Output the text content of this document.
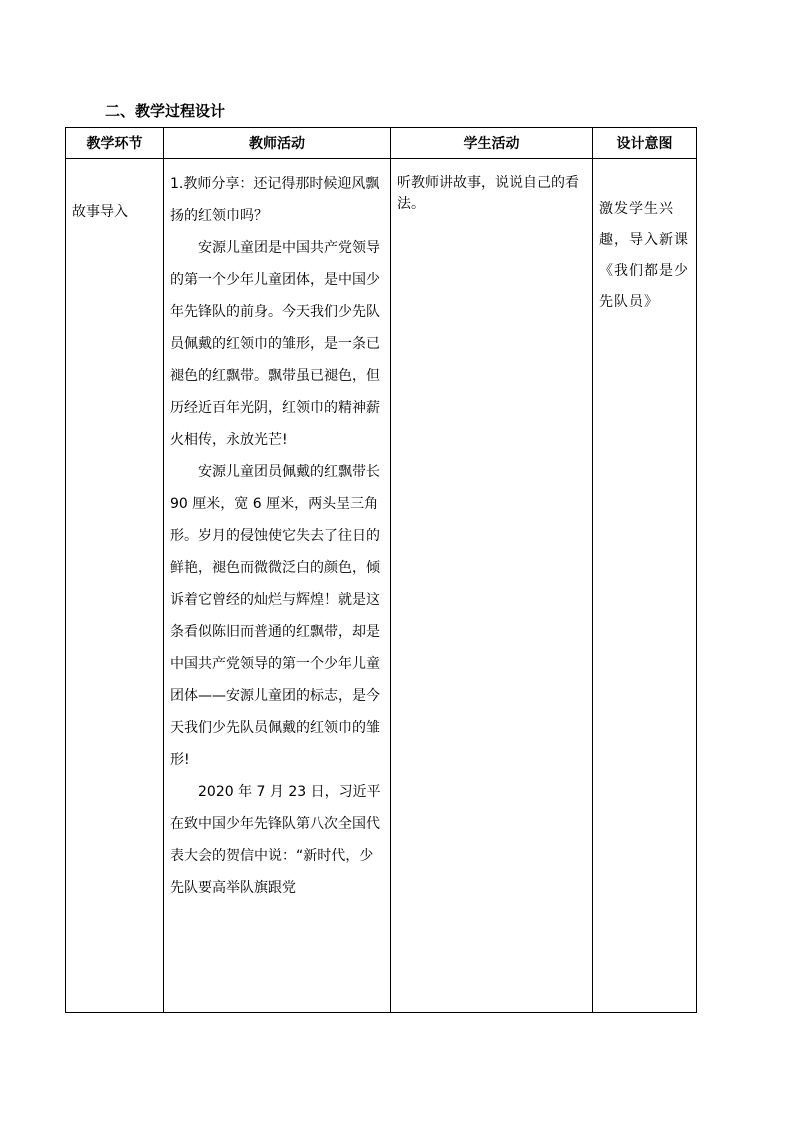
二、教学过程设计
教学环节	教师活动	学生活动	设计意图

故事导入	1.教师分享：还记得那时候迎风飘扬的红领巾吗？

安源儿童团是中国共产党领导的第一个少年儿童团体，是中国少年先锋队的前身。今天我们少先队员佩戴的红领巾的雏形，是一条已褪色的红飘带。飘带虽已褪色，但历经近百年光阴，红领巾的精神薪火相传，永放光芒!

安源儿童团员佩戴的红飘带长 90 厘米，宽 6 厘米，两头呈三角形。岁月的侵蚀使它失去了往日的鲜艳，褪色而微微泛白的颜色，倾诉着它曾经的灿烂与辉煌！就是这条看似陈旧而普通的红飘带，却是中国共产党领导的第一个少年儿童团体——安源儿童团的标志，是今天我们少先队员佩戴的红领巾的雏形!

2020 年 7 月 23 日，习近平在致中国少年先锋队第八次全国代表大会的贺信中说：“新时代，少先队要高举队旗跟党	听教师讲故事，说说自己的看法。	激发学生兴趣，导入新课《我们都是少先队员》
